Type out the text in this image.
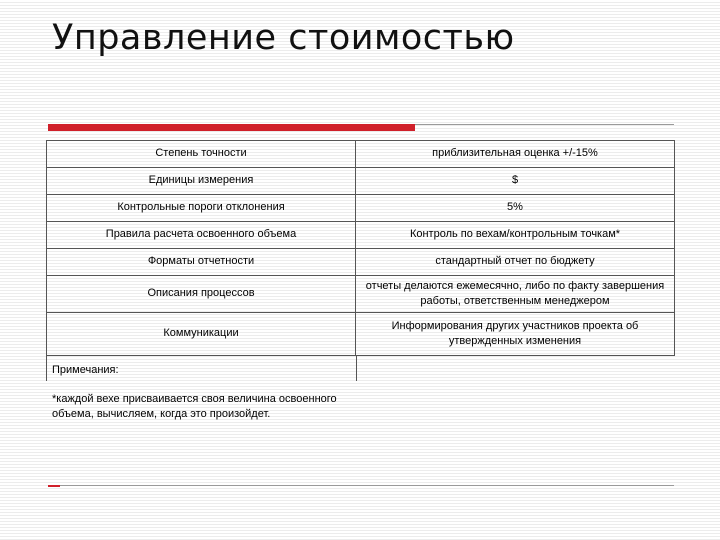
Управление стоимостью
Степень точности	приблизительная оценка +/-15%
Единицы измерения	$
Контрольные пороги отклонения	5%
Правила расчета освоенного объема	Контроль по вехам/контрольным точкам*
Форматы отчетности	стандартный отчет по бюджету
Описания процессов	отчеты делаются ежемесячно, либо по факту завершения работы, ответственным менеджером
Коммуникации	Информирования других участников проекта об утвержденных изменения
Примечания:
*каждой вехе присваивается своя величина освоенного объема, вычисляем, когда это произойдет.
